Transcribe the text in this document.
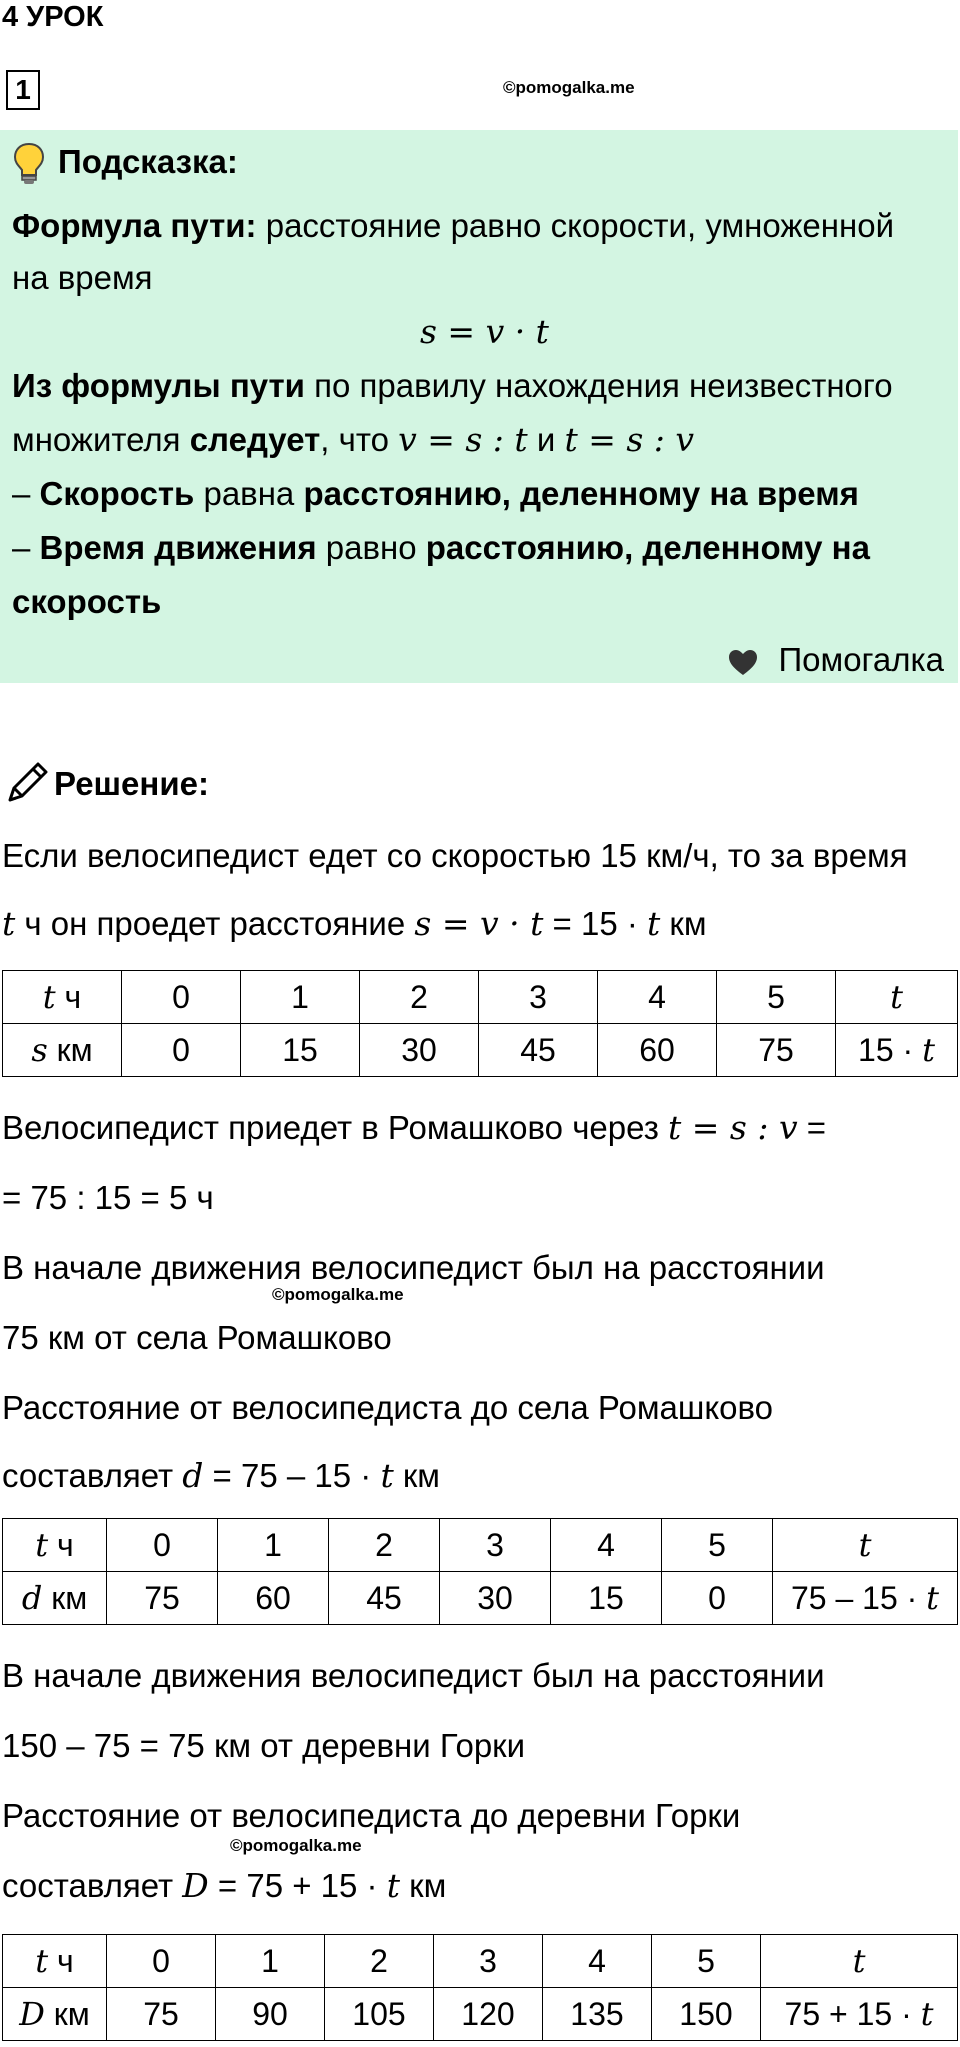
4 УРОК
1	©pomogalka.me
Подсказка:
Формула пути: расстояние равно скорости, умноженной
на время
s = v · t
Из формулы пути по правилу нахождения неизвестного
множителя следует, что v = s : t и t = s : v
– Скорость равна расстоянию, деленному на время
– Время движения равно расстоянию, деленному на
скорость
Помогалка
Решение:
Если велосипедист едет со скоростью 15 км/ч, то за время
t ч он проедет расстояние s = v · t = 15 · t км
t ч	0	1	2	3	4	5	t
s км	0	15	30	45	60	75	15 · t
Велосипедист приедет в Ромашково через t = s : v =
= 75 : 15 = 5 ч
В начале движения велосипедист был на расстоянии
©pomogalka.me
75 км от села Ромашково
Расстояние от велосипедиста до села Ромашково
составляет d = 75 – 15 · t км
t ч	0	1	2	3	4	5	t
d км	75	60	45	30	15	0	75 – 15 · t
В начале движения велосипедист был на расстоянии
150 – 75 = 75 км от деревни Горки
Расстояние от велосипедиста до деревни Горки
©pomogalka.me
составляет D = 75 + 15 · t км
t ч	0	1	2	3	4	5	t
D км	75	90	105	120	135	150	75 + 15 · t
